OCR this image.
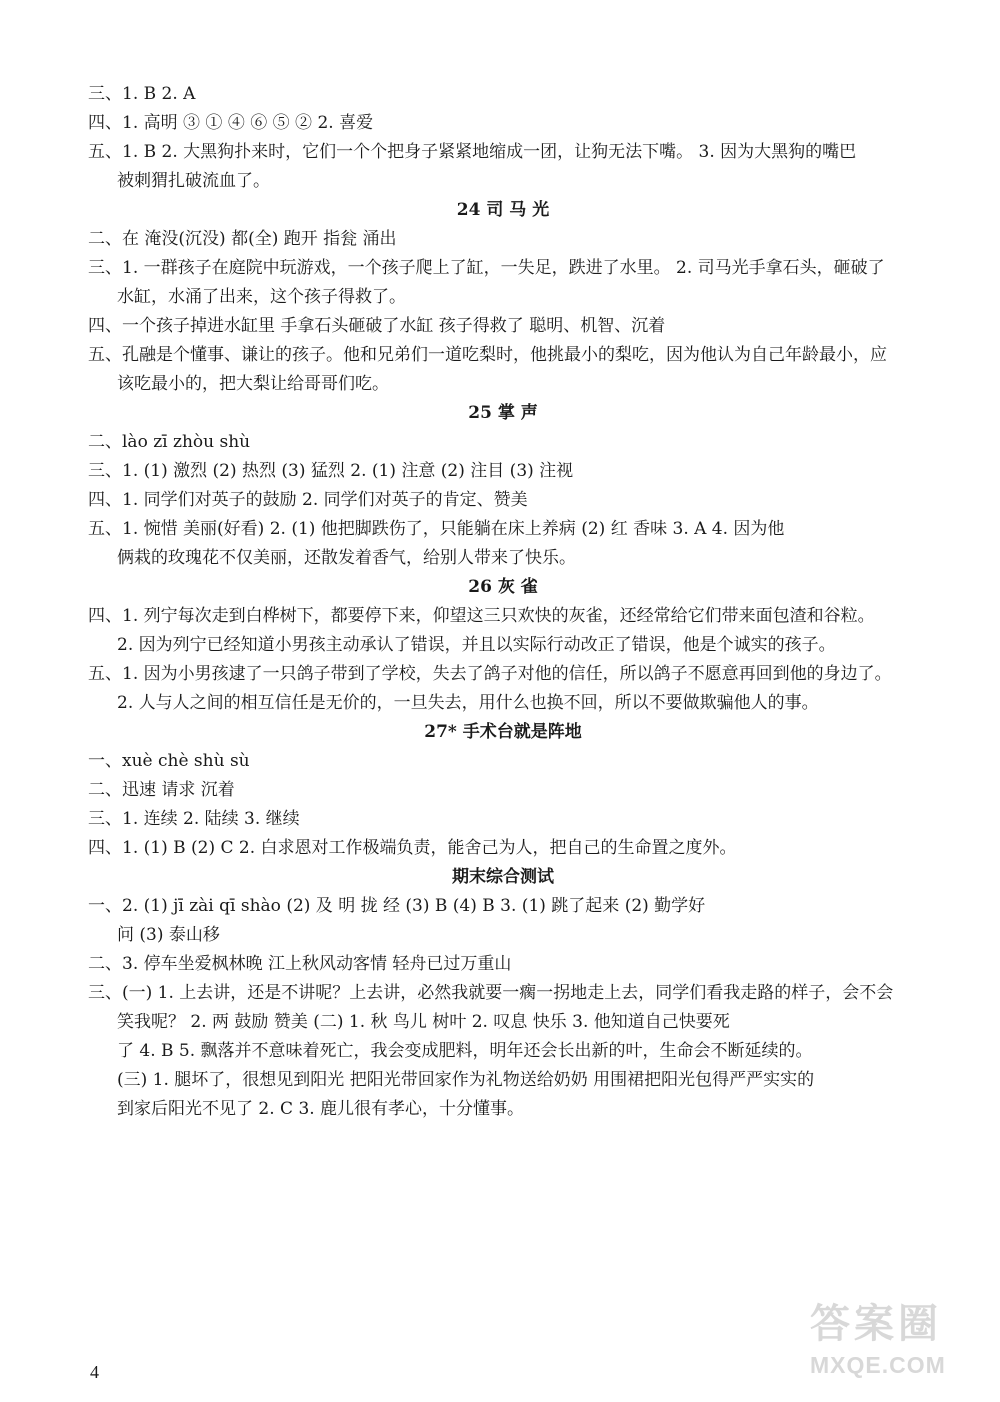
三、1. B 2. A
四、1. 高明 ③ ① ④ ⑥ ⑤ ② 2. 喜爱
五、1. B 2. 大黑狗扑来时，它们一个个把身子紧紧地缩成一团，让狗无法下嘴。 3. 因为大黑狗的嘴巴
被刺猬扎破流血了。
24 司 马 光
二、在 淹没(沉没) 都(全) 跑开 指瓮 涌出
三、1. 一群孩子在庭院中玩游戏，一个孩子爬上了缸，一失足，跌进了水里。 2. 司马光手拿石头，砸破了
水缸，水涌了出来，这个孩子得救了。
四、一个孩子掉进水缸里 手拿石头砸破了水缸 孩子得救了 聪明、机智、沉着
五、孔融是个懂事、谦让的孩子。他和兄弟们一道吃梨时，他挑最小的梨吃，因为他认为自己年龄最小，应
该吃最小的，把大梨让给哥哥们吃。
25 掌 声
二、lào zī zhòu shù
三、1. (1) 激烈 (2) 热烈 (3) 猛烈 2. (1) 注意 (2) 注目 (3) 注视
四、1. 同学们对英子的鼓励 2. 同学们对英子的肯定、赞美
五、1. 惋惜 美丽(好看) 2. (1) 他把脚跌伤了，只能躺在床上养病 (2) 红 香味 3. A 4. 因为他
俩栽的玫瑰花不仅美丽，还散发着香气，给别人带来了快乐。
26 灰 雀
四、1. 列宁每次走到白桦树下，都要停下来，仰望这三只欢快的灰雀，还经常给它们带来面包渣和谷粒。
2. 因为列宁已经知道小男孩主动承认了错误，并且以实际行动改正了错误，他是个诚实的孩子。
五、1. 因为小男孩逮了一只鸽子带到了学校，失去了鸽子对他的信任，所以鸽子不愿意再回到他的身边了。
2. 人与人之间的相互信任是无价的，一旦失去，用什么也换不回，所以不要做欺骗他人的事。
27* 手术台就是阵地
一、xuè chè shù sù
二、迅速 请求 沉着
三、1. 连续 2. 陆续 3. 继续
四、1. (1) B (2) C 2. 白求恩对工作极端负责，能舍己为人，把自己的生命置之度外。
期末综合测试
一、2. (1) jī zài qī shào (2) 及 明 拢 经 (3) B (4) B 3. (1) 跳了起来 (2) 勤学好
问 (3) 泰山移
二、3. 停车坐爱枫林晚 江上秋风动客情 轻舟已过万重山
三、(一) 1. 上去讲，还是不讲呢？上去讲，必然我就要一瘸一拐地走上去，同学们看我走路的样子，会不会
笑我呢？ 2. 两 鼓励 赞美 (二) 1. 秋 鸟儿 树叶 2. 叹息 快乐 3. 他知道自己快要死
了 4. B 5. 飘落并不意味着死亡，我会变成肥料，明年还会长出新的叶，生命会不断延续的。
(三) 1. 腿坏了，很想见到阳光 把阳光带回家作为礼物送给奶奶 用围裙把阳光包得严严实实的
到家后阳光不见了 2. C 3. 鹿儿很有孝心，十分懂事。
4
答案圈
MXQE.COM
